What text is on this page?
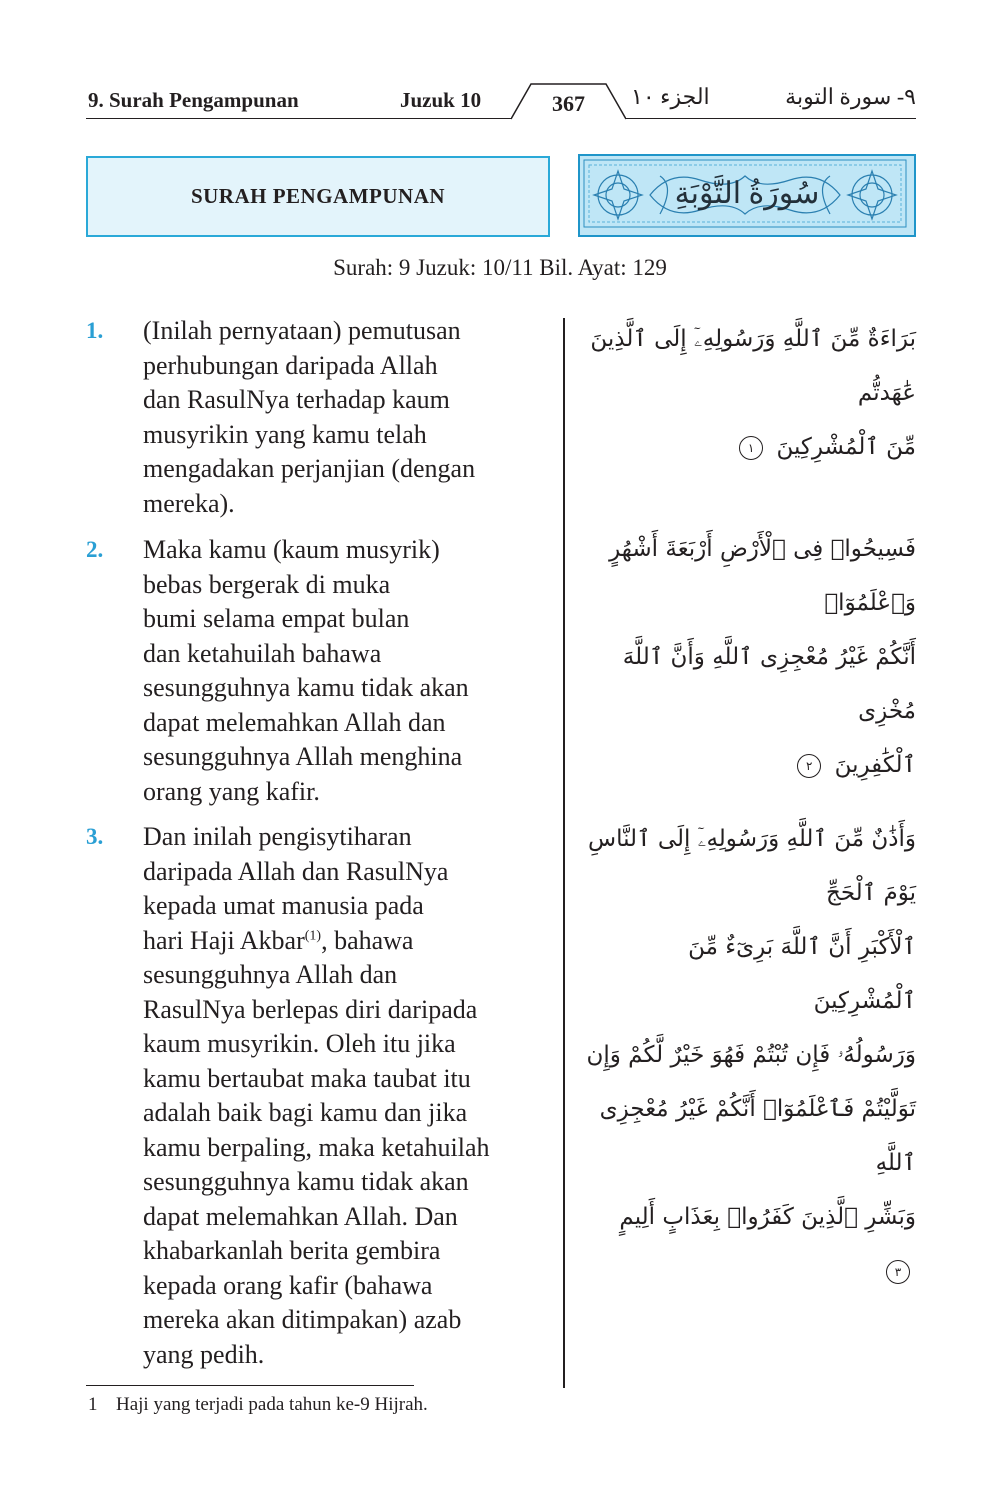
9. Surah Pengampunan	Juzuk 10	367	الجزء ١٠	٩- سورة التوبة
SURAH PENGAMPUNAN	سُورَةُ التَّوْبَةِ
Surah: 9 Juzuk: 10/11 Bil. Ayat: 129
1. (Inilah pernyataan) pemutusan
perhubungan daripada Allah
dan RasulNya terhadap kaum
musyrikin yang kamu telah
mengadakan perjanjian (dengan
mereka).
بَرَاءَةٌ مِّنَ ٱللَّهِ وَرَسُولِهِۦٓ إِلَى ٱلَّذِينَ عَٰهَدتُّم
مِّنَ ٱلْمُشْرِكِينَ ١
2. Maka kamu (kaum musyrik)
bebas bergerak di muka
bumi selama empat bulan
dan ketahuilah bahawa
sesungguhnya kamu tidak akan
dapat melemahkan Allah dan
sesungguhnya Allah menghina
orang yang kafir.
فَسِيحُوا۟ فِى ٱلْأَرْضِ أَرْبَعَةَ أَشْهُرٍ وَٱعْلَمُوٓا۟
أَنَّكُمْ غَيْرُ مُعْجِزِى ٱللَّهِ وَأَنَّ ٱللَّهَ مُخْزِى
ٱلْكَٰفِرِينَ ٢
3. Dan inilah pengisytiharan
daripada Allah dan RasulNya
kepada umat manusia pada
hari Haji Akbar$^{(1)}$, bahawa
sesungguhnya Allah dan
RasulNya berlepas diri daripada
kaum musyrikin. Oleh itu jika
kamu bertaubat maka taubat itu
adalah baik bagi kamu dan jika
kamu berpaling, maka ketahuilah
sesungguhnya kamu tidak akan
dapat melemahkan Allah. Dan
khabarkanlah berita gembira
kepada orang kafir (bahawa
mereka akan ditimpakan) azab
yang pedih.
وَأَذَٰنٌ مِّنَ ٱللَّهِ وَرَسُولِهِۦٓ إِلَى ٱلنَّاسِ يَوْمَ ٱلْحَجِّ
ٱلْأَكْبَرِ أَنَّ ٱللَّهَ بَرِىٓءٌ مِّنَ ٱلْمُشْرِكِينَ
وَرَسُولُهُۥ فَإِن تُبْتُمْ فَهُوَ خَيْرٌ لَّكُمْ وَإِن
تَوَلَّيْتُمْ فَٱعْلَمُوٓا۟ أَنَّكُمْ غَيْرُ مُعْجِزِى ٱللَّهِ
وَبَشِّرِ ٱلَّذِينَ كَفَرُوا۟ بِعَذَابٍ أَلِيمٍ ٣
1 Haji yang terjadi pada tahun ke-9 Hijrah.
